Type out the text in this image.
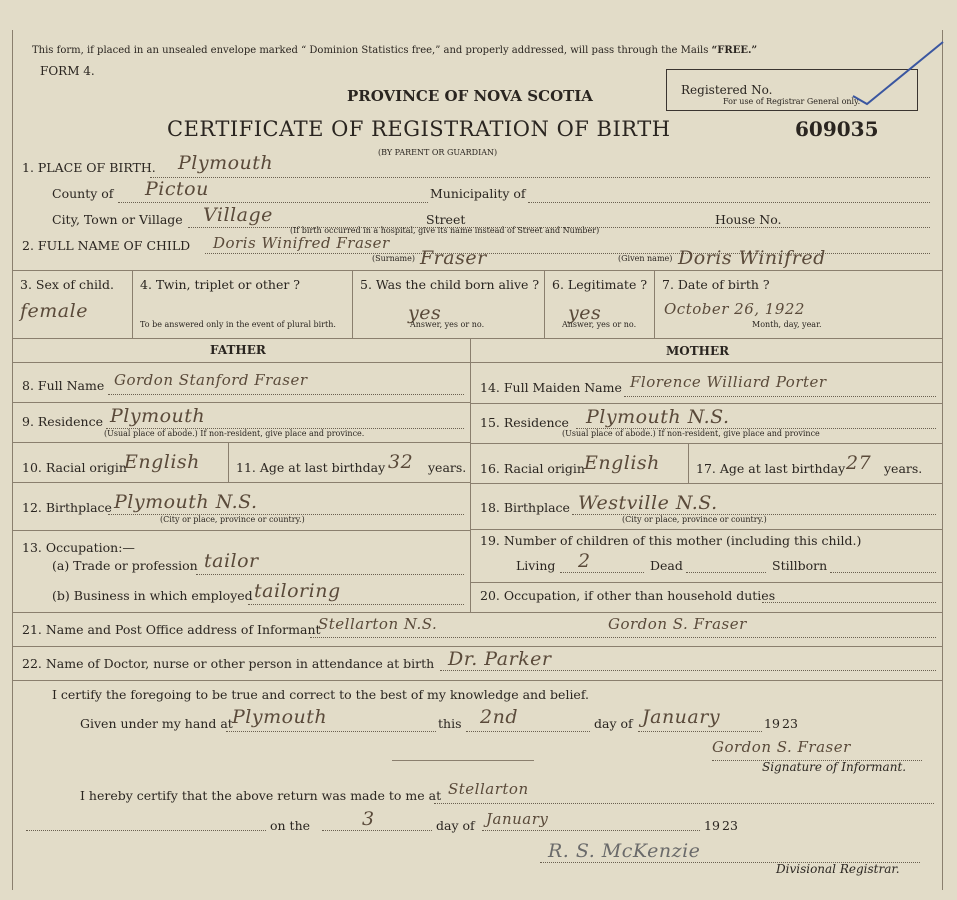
This form, if placed in an unsealed envelope marked “ Dominion Statistics free,” and properly addressed, will pass through the Mails “FREE.”
FORM 4.
PROVINCE OF NOVA SCOTIA	Registered No.
For use of Registrar General only.
CERTIFICATE OF REGISTRATION OF BIRTH	609035
(BY PARENT OR GUARDIAN)
1. PLACE OF BIRTH. Plymouth
County of Pictou	Municipality of
City, Town or Village Village	Street	House No.
(If birth occurred in a hospital, give its name instead of Street and Number)
2. FULL NAME OF CHILD Doris Winifred Fraser
(Surname) Fraser	(Given name) Doris Winifred
3. Sex of child.
female
4. Twin, triplet or other ?
To be answered only in the event of plural birth.
5. Was the child born alive ?
yes
Answer, yes or no.
6. Legitimate ?
yes
Answer, yes or no.
7. Date of birth ?
October 26, 1922
Month, day, year.
FATHER	MOTHER
8. Full Name Gordon Stanford Fraser
9. Residence Plymouth
(Usual place of abode.) If non-resident, give place and province.
10. Racial origin
English	11. Age at last birthday 32 years.
12. Birthplace Plymouth N.S.
(City or place, province or country.)
13. Occupation:—
(a) Trade or profession tailor
(b) Business in which employed tailoring
14. Full Maiden Name Florence Williard Porter
15. Residence Plymouth N.S.
(Usual place of abode.) If non-resident, give place and province
16. Racial origin English	17. Age at last birthday 27 years.
18. Birthplace Westville N.S.
(City or place, province or country.)
19. Number of children of this mother (including this child.)
Living 2	Dead	Stillborn
20. Occupation, if other than household duties
21. Name and Post Office address of Informant
Stellarton N.S.	Gordon S. Fraser
22. Name of Doctor, nurse or other person in attendance at birth Dr. Parker
I certify the foregoing to be true and correct to the best of my knowledge and belief.
Given under my hand at Plymouth	this 2nd	day of January	19 23
Gordon S. Fraser
Signature of Informant.
I hereby certify that the above return was made to me at Stellarton
on the	3	day of January	19 23
R. S. McKenzie
Divisional Registrar.
